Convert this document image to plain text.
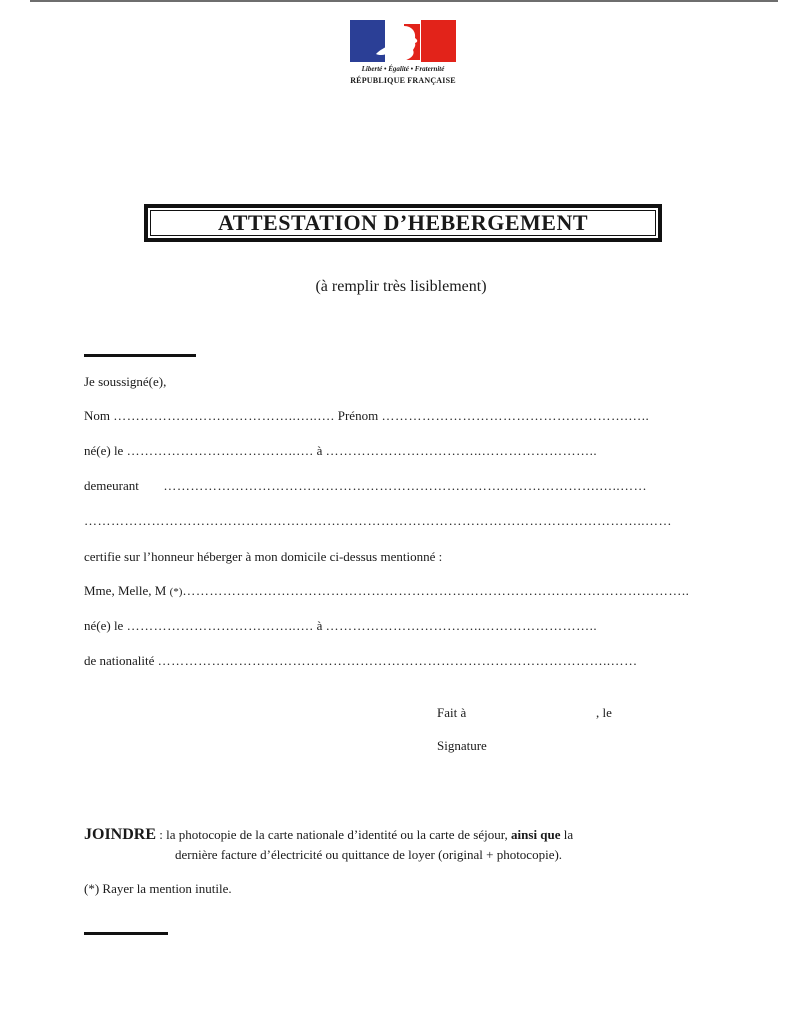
Liberté • Égalité • Fraternité
RÉPUBLIQUE FRANÇAISE
ATTESTATION D’HEBERGEMENT
(à remplir très lisiblement)
Je soussigné(e),
Nom …………………………………..…..…. Prénom ……………………………………………….…..
né(e) le ………………………………..…. à ……………………………..……………………..
demeurant …………………………………………………………………………………….…..……
……………………………………………………………………………………………………………..……
certifie sur l’honneur héberger à mon domicile ci-dessus mentionné :
Mme, Melle, M (*)…………………………………………………………………………………………………..
né(e) le ………………………………..…. à ……………………………..……………………..
de nationalité ………………………………………………………………………………………..……
Fait à	, le
Signature
JOINDRE : la photocopie de la carte nationale d’identité ou la carte de séjour, ainsi que la
dernière facture d’électricité ou quittance de loyer (original + photocopie).
(*) Rayer la mention inutile.
